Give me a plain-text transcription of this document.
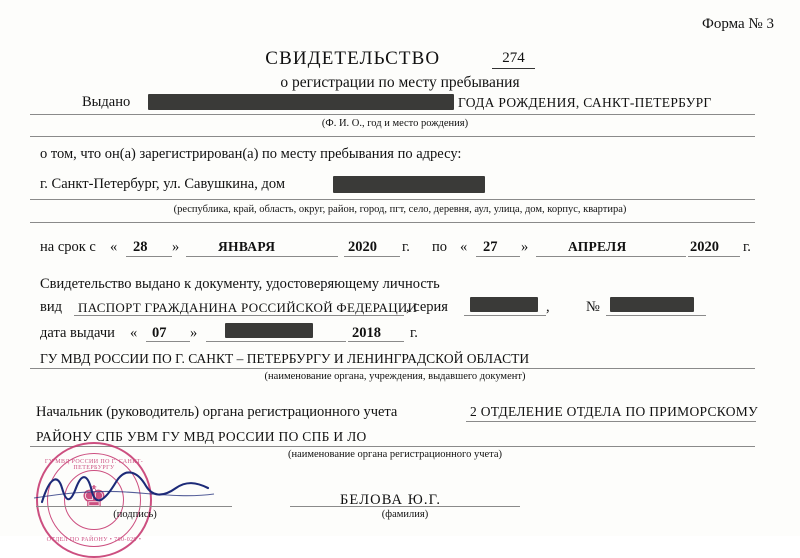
Форма № 3
СВИДЕТЕЛЬСТВО	274
о регистрации по месту пребывания
Выдано	ГОДА РОЖДЕНИЯ, САНКТ-ПЕТЕРБУРГ
(Ф. И. О., год и место рождения)
о том, что он(а) зарегистрирован(а) по месту пребывания по адресу:
г. Санкт-Петербург, ул. Савушкина, дом
(республика, край, область, округ, район, город, пгт, село, деревня, аул, улица, дом, корпус, квартира)
на срок с « 28 »	ЯНВАРЯ	2020 г. по « 27 »	АПРЕЛЯ	2020 г.
Свидетельство выдано к документу, удостоверяющему личность
вид ПАСПОРТ ГРАЖДАНИНА РОССИЙСКОЙ ФЕДЕРАЦИИ
, серия	,	№
дата выдачи « 07 »	2018 г.
ГУ МВД РОССИИ ПО Г. САНКТ – ПЕТЕРБУРГУ И ЛЕНИНГРАДСКОЙ ОБЛАСТИ
(наименование органа, учреждения, выдавшего документ)
Начальник (руководитель) органа регистрационного учета	2 ОТДЕЛЕНИЕ ОТДЕЛА ПО ПРИМОРСКОМУ
РАЙОНУ СПБ УВМ ГУ МВД РОССИИ ПО СПБ И ЛО
(наименование органа регистрационного учета)
♚
ГУ МВД РОССИИ ПО Г. САНКТ-ПЕТЕРБУРГУ
ОТДЕЛ ПО РАЙОНУ • 780-029 •
(подпись)
БЕЛОВА Ю.Г.
(фамилия)
